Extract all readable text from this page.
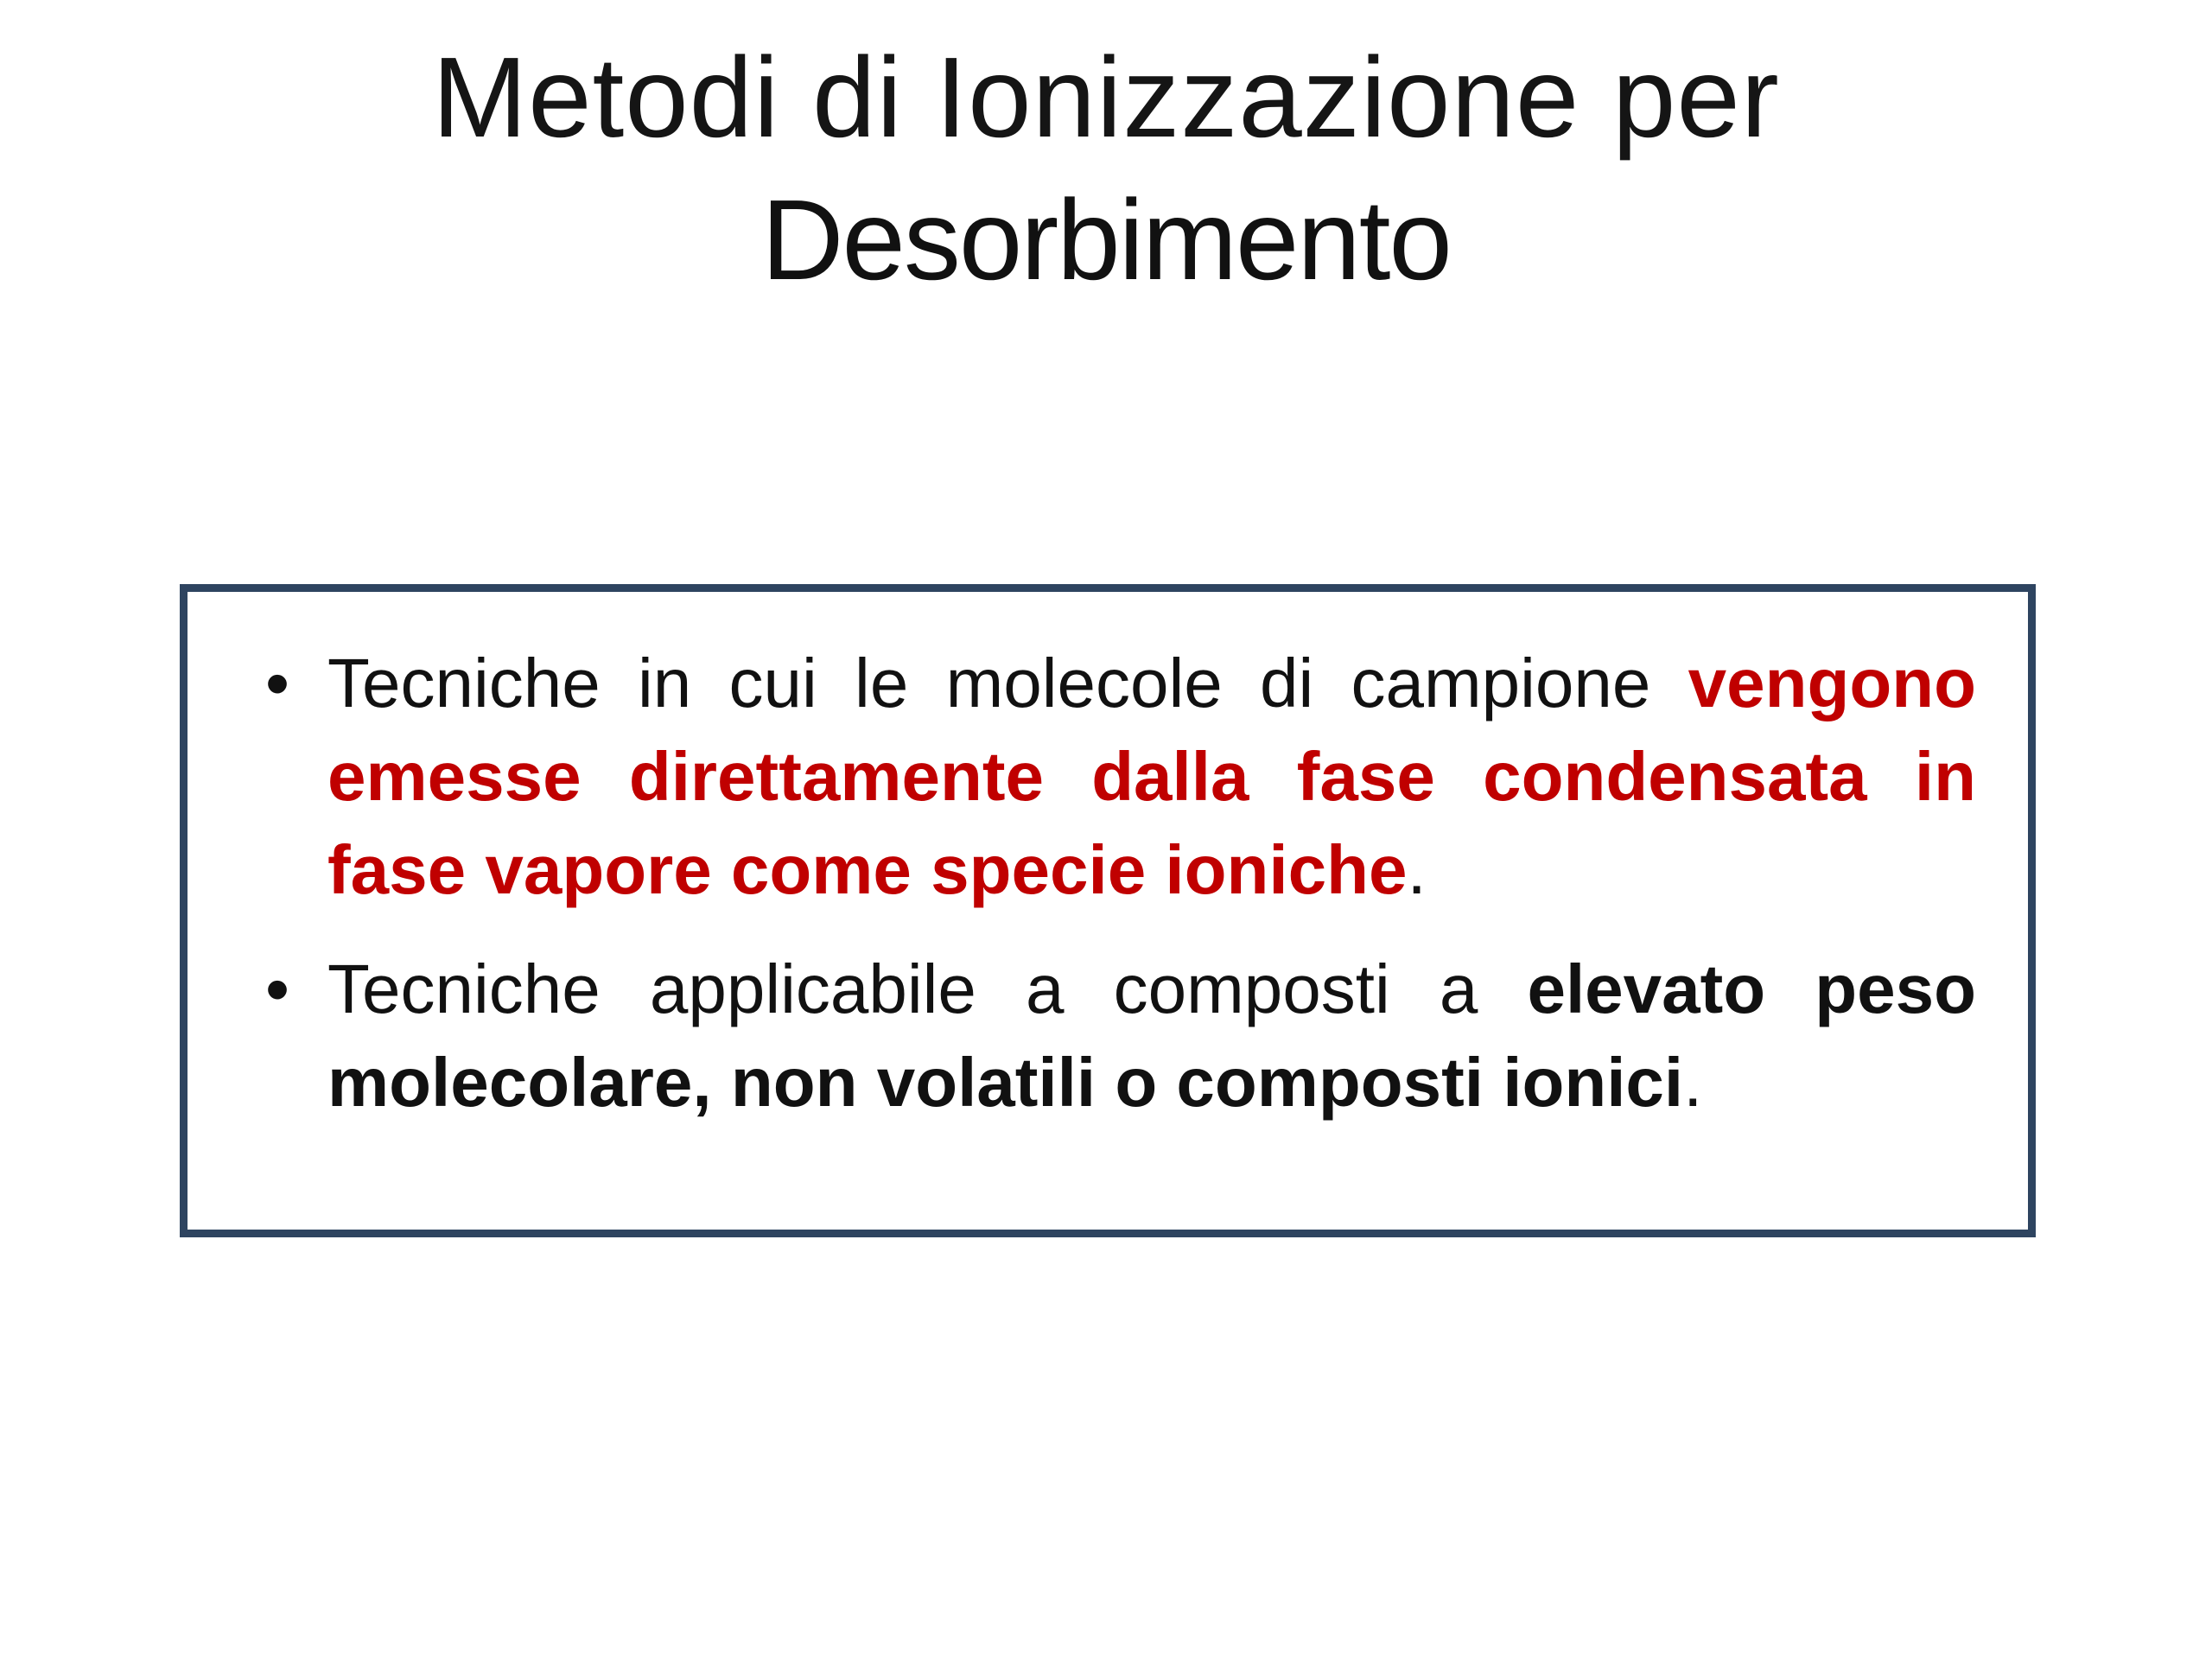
Metodi di Ionizzazione per
Desorbimento
• Tecniche in cui le molecole di campione vengono emesse direttamente dalla fase condensata in fase vapore come specie ioniche.
• Tecniche applicabile a composti a elevato peso molecolare, non volatili o composti ionici.
